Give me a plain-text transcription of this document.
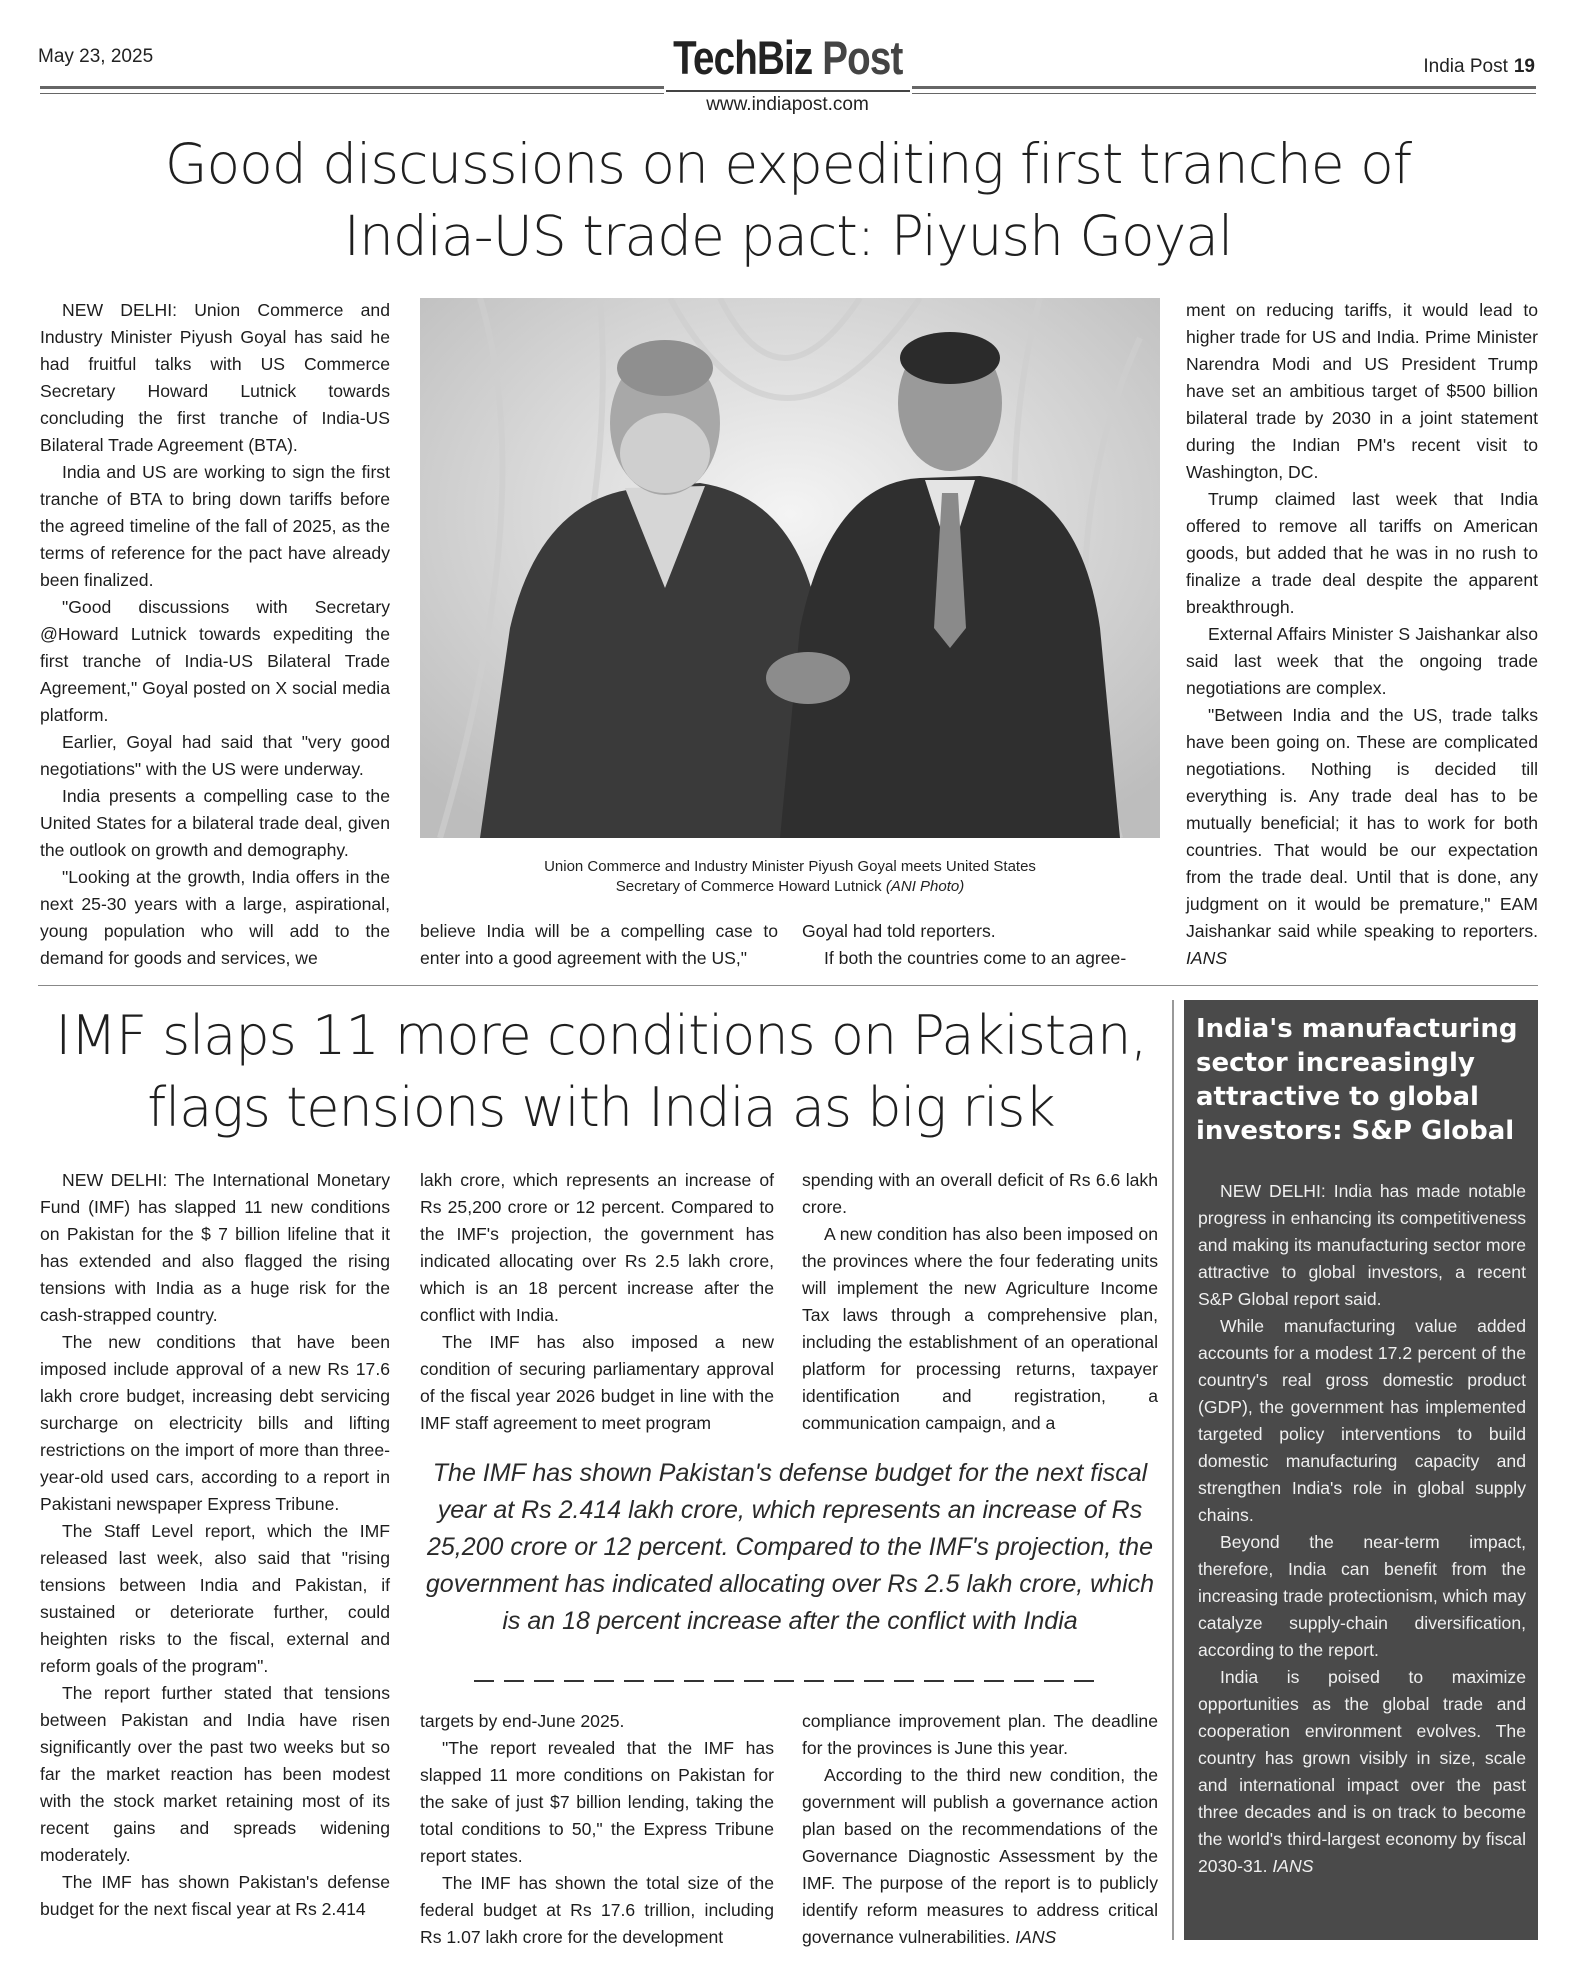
May 23, 2025	TechBiz Post
www.indiapost.com
India Post 19
Good discussions on expediting first tranche of
India-US trade pact: Piyush Goyal

NEW DELHI: Union Commerce and Industry Minister Piyush Goyal has said he had fruitful talks with US Commerce Secretary Howard Lutnick towards concluding the first tranche of India-US Bilateral Trade Agreement (BTA).

India and US are working to sign the first tranche of BTA to bring down tariffs before the agreed timeline of the fall of 2025, as the terms of reference for the pact have already been finalized.

"Good discussions with Secretary @Howard Lutnick towards expediting the first tranche of India-US Bilateral Trade Agreement," Goyal posted on X social media platform.

Earlier, Goyal had said that "very good negotiations" with the US were underway.

India presents a compelling case to the United States for a bilateral trade deal, given the outlook on growth and demography.

"Looking at the growth, India offers in the next 25-30 years with a large, aspirational, young population who will add to the demand for goods and services, we

Union Commerce and Industry Minister Piyush Goyal meets United States
Secretary of Commerce Howard Lutnick (ANI Photo)

believe India will be a compelling case to enter into a good agreement with the US,"

Goyal had told reporters.

If both the countries come to an agree-

ment on reducing tariffs, it would lead to higher trade for US and India. Prime Minister Narendra Modi and US President Trump have set an ambitious target of $500 billion bilateral trade by 2030 in a joint statement during the Indian PM's recent visit to Washington, DC.

Trump claimed last week that India offered to remove all tariffs on American goods, but added that he was in no rush to finalize a trade deal despite the apparent breakthrough.

External Affairs Minister S Jaishankar also said last week that the ongoing trade negotiations are complex.

"Between India and the US, trade talks have been going on. These are complicated negotiations. Nothing is decided till everything is. Any trade deal has to be mutually beneficial; it has to work for both countries. That would be our expectation from the trade deal. Until that is done, any judgment on it would be premature," EAM Jaishankar said while speaking to reporters. IANS

IMF slaps 11 more conditions on Pakistan,
flags tensions with India as big risk

NEW DELHI: The International Monetary Fund (IMF) has slapped 11 new conditions on Pakistan for the $ 7 billion lifeline that it has extended and also flagged the rising tensions with India as a huge risk for the cash-strapped country.

The new conditions that have been imposed include approval of a new Rs 17.6 lakh crore budget, increasing debt servicing surcharge on electricity bills and lifting restrictions on the import of more than three-year-old used cars, according to a report in Pakistani newspaper Express Tribune.

The Staff Level report, which the IMF released last week, also said that "rising tensions between India and Pakistan, if sustained or deteriorate further, could heighten risks to the fiscal, external and reform goals of the program".

The report further stated that tensions between Pakistan and India have risen significantly over the past two weeks but so far the market reaction has been modest with the stock market retaining most of its recent gains and spreads widening moderately.

The IMF has shown Pakistan's defense budget for the next fiscal year at Rs 2.414

lakh crore, which represents an increase of Rs 25,200 crore or 12 percent. Compared to the IMF's projection, the government has indicated allocating over Rs 2.5 lakh crore, which is an 18 percent increase after the conflict with India.

The IMF has also imposed a new condition of securing parliamentary approval of the fiscal year 2026 budget in line with the IMF staff agreement to meet program

spending with an overall deficit of Rs 6.6 lakh crore.

A new condition has also been imposed on the provinces where the four federating units will implement the new Agriculture Income Tax laws through a comprehensive plan, including the establishment of an operational platform for processing returns, taxpayer identification and registration, a communication campaign, and a

The IMF has shown Pakistan's defense budget for the next fiscal year at Rs 2.414 lakh crore, which represents an increase of Rs 25,200 crore or 12 percent. Compared to the IMF's projection, the government has indicated allocating over Rs 2.5 lakh crore, which is an 18 percent increase after the conflict with India

targets by end-June 2025.

"The report revealed that the IMF has slapped 11 more conditions on Pakistan for the sake of just $7 billion lending, taking the total conditions to 50," the Express Tribune report states.

The IMF has shown the total size of the federal budget at Rs 17.6 trillion, including Rs 1.07 lakh crore for the development

compliance improvement plan. The deadline for the provinces is June this year.

According to the third new condition, the government will publish a governance action plan based on the recommendations of the Governance Diagnostic Assessment by the IMF. The purpose of the report is to publicly identify reform measures to address critical governance vulnerabilities. IANS

India's manufacturing sector increasingly attractive to global investors: S&P Global

NEW DELHI: India has made notable progress in enhancing its competitiveness and making its manufacturing sector more attractive to global investors, a recent S&P Global report said.

While manufacturing value added accounts for a modest 17.2 percent of the country's real gross domestic product (GDP), the government has implemented targeted policy interventions to build domestic manufacturing capacity and strengthen India's role in global supply chains.

Beyond the near-term impact, therefore, India can benefit from the increasing trade protectionism, which may catalyze supply-chain diversification, according to the report.

India is poised to maximize opportunities as the global trade and cooperation environment evolves. The country has grown visibly in size, scale and international impact over the past three decades and is on track to become the world's third-largest economy by fiscal 2030-31. IANS
